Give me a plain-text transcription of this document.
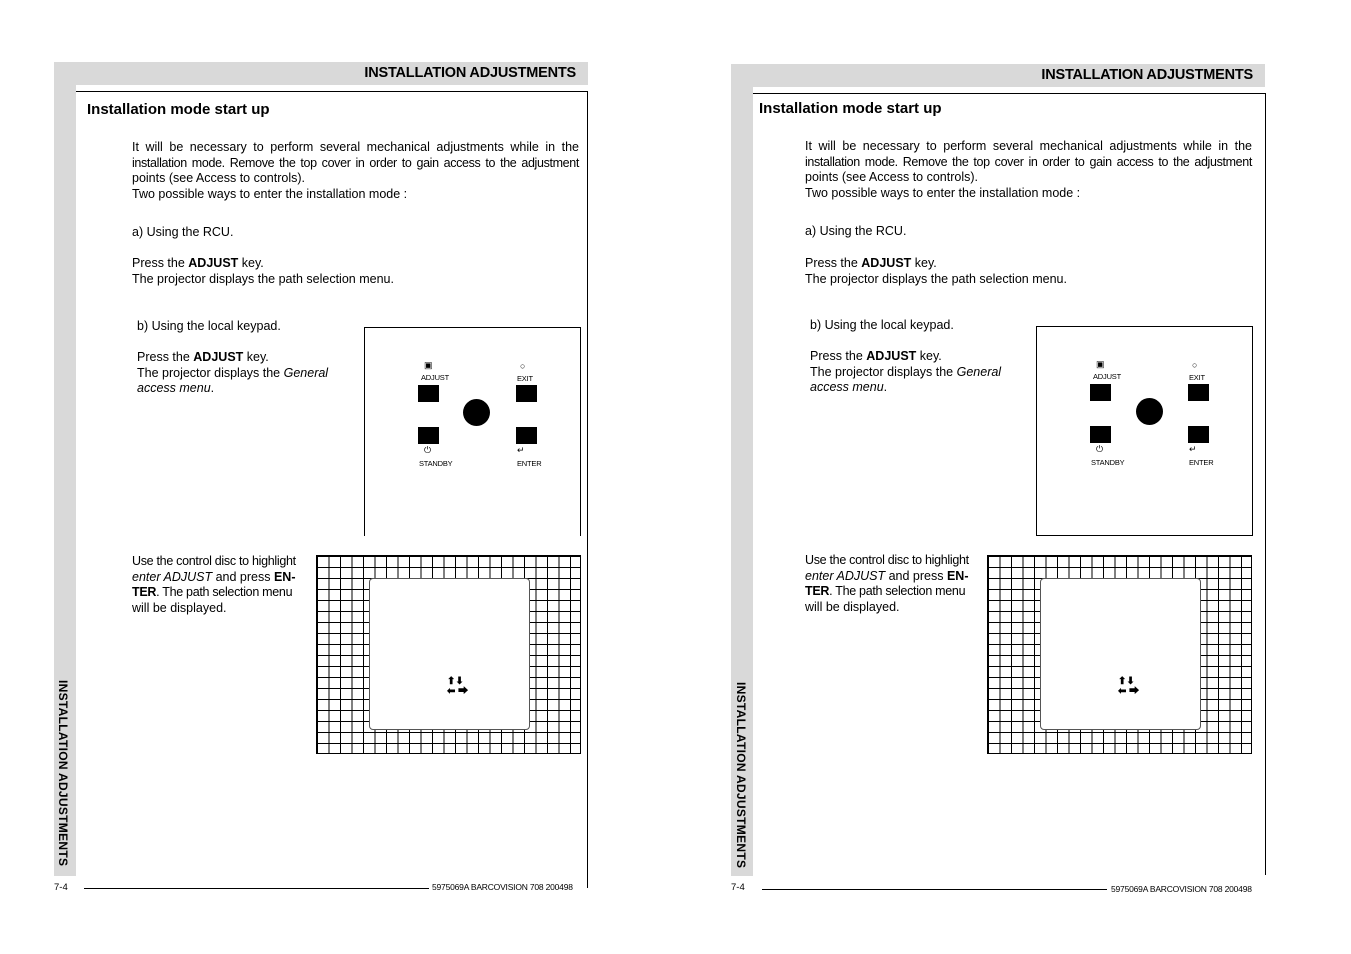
INSTALLATION ADJUSTMENTS
Installation mode start up
It will be necessary to perform several mechanical adjustments while in the
installation mode. Remove the top cover in order to gain access to the adjustment
points (see Access to controls).
Two possible ways to enter the installation mode :
a) Using the RCU.
Press the ADJUST key.
The projector displays the path selection menu.
b) Using the local keypad.
Press the ADJUST key.
The projector displays the General
access menu.
▣
ADJUST
○
EXIT
⏻
STANDBY
↵
ENTER
Use the control disc to highlight
enter ADJUST and press EN-
TER. The path selection menu
will be displayed.
⬆⬇
⬅ ⮕
INSTALLATION ADJUSTMENTS
7-4	5975069A BARCOVISION 708 200498
INSTALLATION ADJUSTMENTS
Installation mode start up
It will be necessary to perform several mechanical adjustments while in the
installation mode. Remove the top cover in order to gain access to the adjustment
points (see Access to controls).
Two possible ways to enter the installation mode :
a) Using the RCU.
Press the ADJUST key.
The projector displays the path selection menu.
b) Using the local keypad.
Press the ADJUST key.
The projector displays the General
access menu.
▣
ADJUST
○
EXIT
⏻
STANDBY
↵
ENTER
Use the control disc to highlight
enter ADJUST and press EN-
TER. The path selection menu
will be displayed.
⬆⬇
⬅ ⮕
INSTALLATION ADJUSTMENTS
7-4	5975069A BARCOVISION 708 200498
